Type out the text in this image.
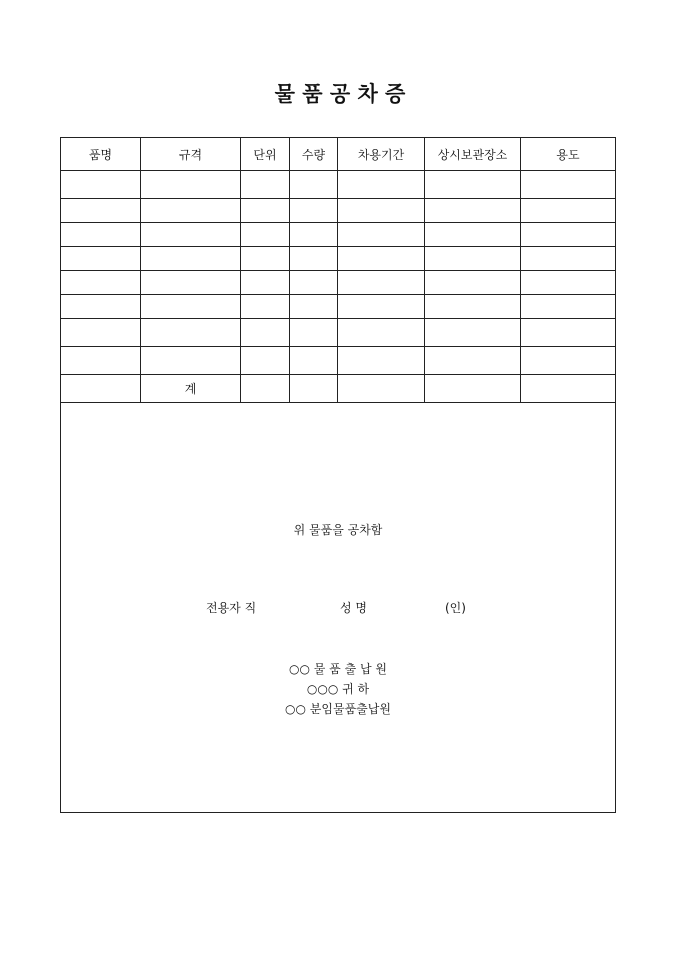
물 품 공 차 증
품명	규격	단위	수량	차용기간	상시보관장소	용도

	계					
위 물품을 공차함
전용자 직	성 명	(인)
○○ 물 품 출 납 원
○○○ 귀 하
○○ 분임물품출납원
